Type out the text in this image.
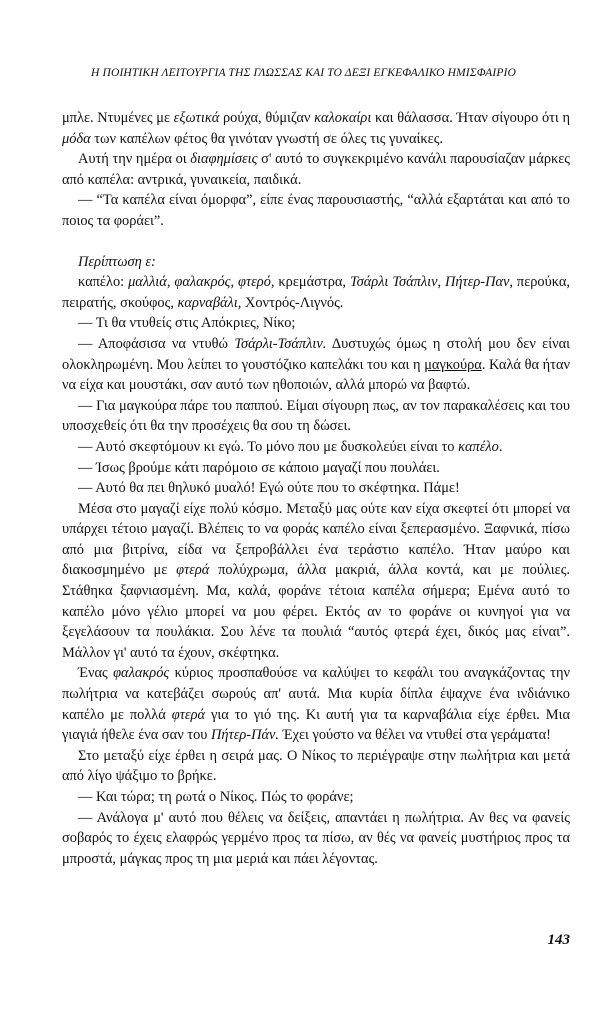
Η ΠΟΙΗΤΙΚΗ ΛΕΙΤΟΥΡΓΙΑ ΤΗΣ ΓΛΩΣΣΑΣ ΚΑΙ ΤΟ ΔΕΞΙ ΕΓΚΕΦΑΛΙΚΟ ΗΜΙΣΦΑΙΡΙΟ

μπλε. Ντυμένες με εξωτικά ρούχα, θύμιζαν καλοκαίρι και θάλασσα. Ήταν σίγουρο ότι η μόδα των καπέλων φέτος θα γινόταν γνωστή σε όλες τις γυναίκες.

Αυτή την ημέρα οι διαφημίσεις σ' αυτό το συγκεκριμένο κανάλι παρουσίαζαν μάρκες από καπέλα: αντρικά, γυναικεία, παιδικά.

— “Τα καπέλα είναι όμορφα”, είπε ένας παρουσιαστής, “αλλά εξαρτάται και από το ποιος τα φοράει”.

Περίπτωση ε:

καπέλο: μαλλιά, φαλακρός, φτερό, κρεμάστρα, Τσάρλι Τσάπλιν, Πήτερ-Παν, περούκα, πειρατής, σκούφος, καρναβάλι, Χοντρός-Λιγνός.

— Τι θα ντυθείς στις Απόκριες, Νίκο;

— Αποφάσισα να ντυθώ Τσάρλι-Τσάπλιν. Δυστυχώς όμως η στολή μου δεν είναι ολοκληρωμένη. Μου λείπει το γουστόζικο καπελάκι του και η μαγκούρα. Καλά θα ήταν να είχα και μουστάκι, σαν αυτό των ηθοποιών, αλλά μπορώ να βαφτώ.

— Για μαγκούρα πάρε του παππού. Είμαι σίγουρη πως, αν τον παρακαλέσεις και του υποσχεθείς ότι θα την προσέχεις θα σου τη δώσει.

— Αυτό σκεφτόμουν κι εγώ. Το μόνο που με δυσκολεύει είναι το καπέλο.

— Ίσως βρούμε κάτι παρόμοιο σε κάποιο μαγαζί που πουλάει.

— Αυτό θα πει θηλυκό μυαλό! Εγώ ούτε που το σκέφτηκα. Πάμε!

Μέσα στο μαγαζί είχε πολύ κόσμο. Μεταξύ μας ούτε καν είχα σκεφτεί ότι μπορεί να υπάρχει τέτοιο μαγαζί. Βλέπεις το να φοράς καπέλο είναι ξεπερασμένο. Ξαφνικά, πίσω από μια βιτρίνα, είδα να ξεπροβάλλει ένα τεράστιο καπέλο. Ήταν μαύρο και διακοσμημένο με φτερά πολύχρωμα, άλλα μακριά, άλλα κοντά, και με πούλιες. Στάθηκα ξαφνιασμένη. Μα, καλά, φοράνε τέτοια καπέλα σήμερα; Εμένα αυτό το καπέλο μόνο γέλιο μπορεί να μου φέρει. Εκτός αν το φοράνε οι κυνηγοί για να ξεγελάσουν τα πουλάκια. Σου λένε τα πουλιά “αυτός φτερά έχει, δικός μας είναι”. Μάλλον γι' αυτό τα έχουν, σκέφτηκα.

Ένας φαλακρός κύριος προσπαθούσε να καλύψει το κεφάλι του αναγκάζοντας την πωλήτρια να κατεβάζει σωρούς απ' αυτά. Μια κυρία δίπλα έψαχνε ένα ινδιάνικο καπέλο με πολλά φτερά για το γιό της. Κι αυτή για τα καρναβάλια είχε έρθει. Μια γιαγιά ήθελε ένα σαν του Πήτερ-Πάν. Έχει γούστο να θέλει να ντυθεί στα γεράματα!

Στο μεταξύ είχε έρθει η σειρά μας. Ο Νίκος το περιέγραψε στην πωλήτρια και μετά από λίγο ψάξιμο το βρήκε.

— Και τώρα; τη ρωτά ο Νίκος. Πώς το φοράνε;

— Ανάλογα μ' αυτό που θέλεις να δείξεις, απαντάει η πωλήτρια. Αν θες να φανείς σοβαρός το έχεις ελαφρώς γερμένο προς τα πίσω, αν θές να φανείς μυστήριος προς τα μπροστά, μάγκας προς τη μια μεριά και πάει λέγοντας.

143
